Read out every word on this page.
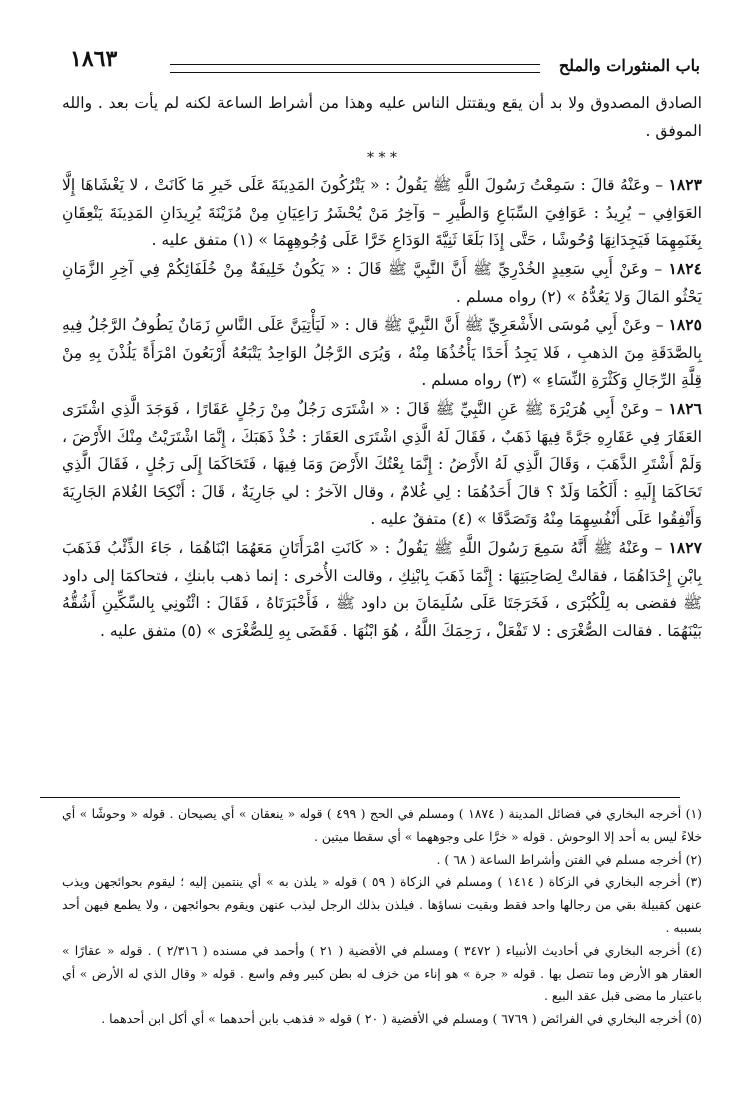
باب المنثورات والملح
١٨٦٣

الصادق المصدوق ولا بد أن يقع ويقتتل الناس عليه وهذا من أشراط الساعة لكنه لم يأت بعد . والله الموفق .

* * *

١٨٢٣ – وعَنْهُ قالَ : سَمِعْتُ رَسُولَ اللَّهِ ﷺ يَقُولُ : « يَتْرُكُونَ المَدِينَةَ عَلَى خَيرِ مَا كَانَتْ ، لا يَغْشَاهَا إِلَّا العَوَافِي – يُرِيدُ : عَوَافِيَ السِّبَاعِ وَالطَّيرِ – وَآخِرُ مَنْ يُحْشَرُ رَاعِيَانِ مِنْ مُزَيْنَةَ يُرِيدَانِ المَدِينَةَ يَنْعِقَانِ بِغَنَمِهِمَا فَيَجِدَانِهَا وُحُوشًا ، حَتَّى إِذَا بَلَغَا ثَنِيَّةَ الوَدَاعِ خَرَّا عَلَى وُجُوهِهِمَا » (١) متفق عليه .

١٨٢٤ – وعَنْ أَبِي سَعِيدٍ الخُدْرِيِّ ﷺ أَنَّ النَّبِيَّ ﷺ قَالَ : « يَكُونُ خَلِيفَةٌ مِنْ خُلَفَائِكُمْ فِي آخِرِ الزَّمَانِ يَحْثُو المَالَ وَلا يَعُدُّهُ » (٢) رواه مسلم .

١٨٢٥ – وعَنْ أَبِي مُوسَى الأَشْعَرِيِّ ﷺ أَنَّ النَّبِيَّ ﷺ قال : « لَيَأْتِيَنَّ عَلَى النَّاسِ زَمَانٌ يَطُوفُ الرَّجُلُ فِيهِ بِالصَّدَقَةِ مِنَ الذهبِ ، فَلا يَجِدُ أَحَدًا يَأْخُذُهَا مِنْهُ ، وَيُرَى الرَّجُلُ الوَاحِدُ يَتْبَعُهُ أَرْبَعُونَ امْرَأَةً يَلُذْنَ بِهِ مِنْ قِلَّةِ الرِّجَالِ وَكَثْرَةِ النِّسَاءِ » (٣) رواه مسلم .

١٨٢٦ – وعَنْ أَبِي هُرَيْرَةَ ﷺ عَنِ النَّبِيِّ ﷺ قَالَ : « اشْتَرَى رَجُلٌ مِنْ رَجُلٍ عَقَارًا ، فَوَجَدَ الَّذِي اشْتَرَى العَقَارَ فِي عَقَارِهِ جَرَّةً فِيهَا ذَهَبٌ ، فَقَالَ لَهُ الَّذِي اشْتَرَى العَقَارَ : خُذْ ذَهَبَكَ ، إِنَّمَا اشْتَرَيْتُ مِنْكَ الأَرْضَ ، وَلَمْ أَشْتَرِ الذَّهَبَ ، وَقَالَ الَّذِي لَهُ الأَرْضُ : إِنَّمَا بِعْتُكَ الأَرْضَ وَمَا فِيهَا ، فَتَحَاكَمَا إِلَى رَجُلٍ ، فَقَالَ الَّذِي تَحَاكَمَا إِلَيهِ : أَلَكُمَا وَلَدٌ ؟ قالَ أَحَدُهُمَا : لِي غُلامٌ ، وقال الآخرُ : لي جَارِيَةٌ ، قَالَ : أَنْكِحَا الغُلامَ الجَارِيَةَ وَأَنْفِقُوا عَلَى أَنْفُسِهِمَا مِنْهُ وَتَصَدَّقَا » (٤) متفقٌ عليه .

١٨٢٧ – وعَنْهُ ﷺ أَنَّهُ سَمِعَ رَسُولَ اللَّهِ ﷺ يَقُولُ : « كَانَتِ امْرَأَتَانِ مَعَهُمَا ابْنَاهُمَا ، جَاءَ الذِّئْبُ فَذَهَبَ بِابْنِ إِحْدَاهُمَا ، فقالتْ لِصَاحِبَتِهَا : إِنَّمَا ذَهَبَ بِابْنِكِ ، وقالت الأُخرى : إنما ذهب بابنكِ ، فتحاكمَا إلى داود ﷺ فقضى به لِلْكُبْرَى ، فَخَرَجَتَا عَلَى سُلَيمَانَ بن داود ﷺ ، فَأَخْبَرَتَاهُ ، فَقَالَ : ائْتُونِي بِالسِّكِّينِ أَشُقُّهُ بَيْنَهُمَا . فقالت الصُّغْرَى : لا تَفْعَلْ ، رَحِمَكَ اللَّهُ ، هُوَ ابْنُهَا . فَقَضَى بِهِ لِلصُّغْرَى » (٥) متفق عليه .

(١) أخرجه البخاري في فضائل المدينة ( ١٨٧٤ ) ومسلم في الحج ( ٤٩٩ ) قوله « ينعقان » أي يصيحان . قوله « وحوشًا » أي خلاءً ليس به أحد إلا الوحوش . قوله « خرَّا على وجوههما » أي سقطا ميتين .

(٢) أخرجه مسلم في الفتن وأشراط الساعة ( ٦٨ ) .

(٣) أخرجه البخاري في الزكاة ( ١٤١٤ ) ومسلم في الزكاة ( ٥٩ ) قوله « يلذن به » أي ينتمين إليه ؛ ليقوم بحوائجهن ويذب عنهن كقبيلة بقي من رجالها واحد فقط وبقيت نساؤها . فيلذن بذلك الرجل ليذب عنهن ويقوم بحوائجهن ، ولا يطمع فيهن أحد بسببه .

(٤) أخرجه البخاري في أحاديث الأنبياء ( ٣٤٧٢ ) ومسلم في الأقضية ( ٢١ ) وأحمد في مسنده ( ٢/٣١٦ ) . قوله « عقارًا » العقار هو الأرض وما تتصل بها . قوله « جرة » هو إناء من خزف له بطن كبير وفم واسع . قوله « وقال الذي له الأرض » أي باعتبار ما مضى قبل عقد البيع .

(٥) أخرجه البخاري في الفرائض ( ٦٧٦٩ ) ومسلم في الأقضية ( ٢٠ ) قوله « فذهب بابن أحدهما » أي أكل ابن أحدهما .
